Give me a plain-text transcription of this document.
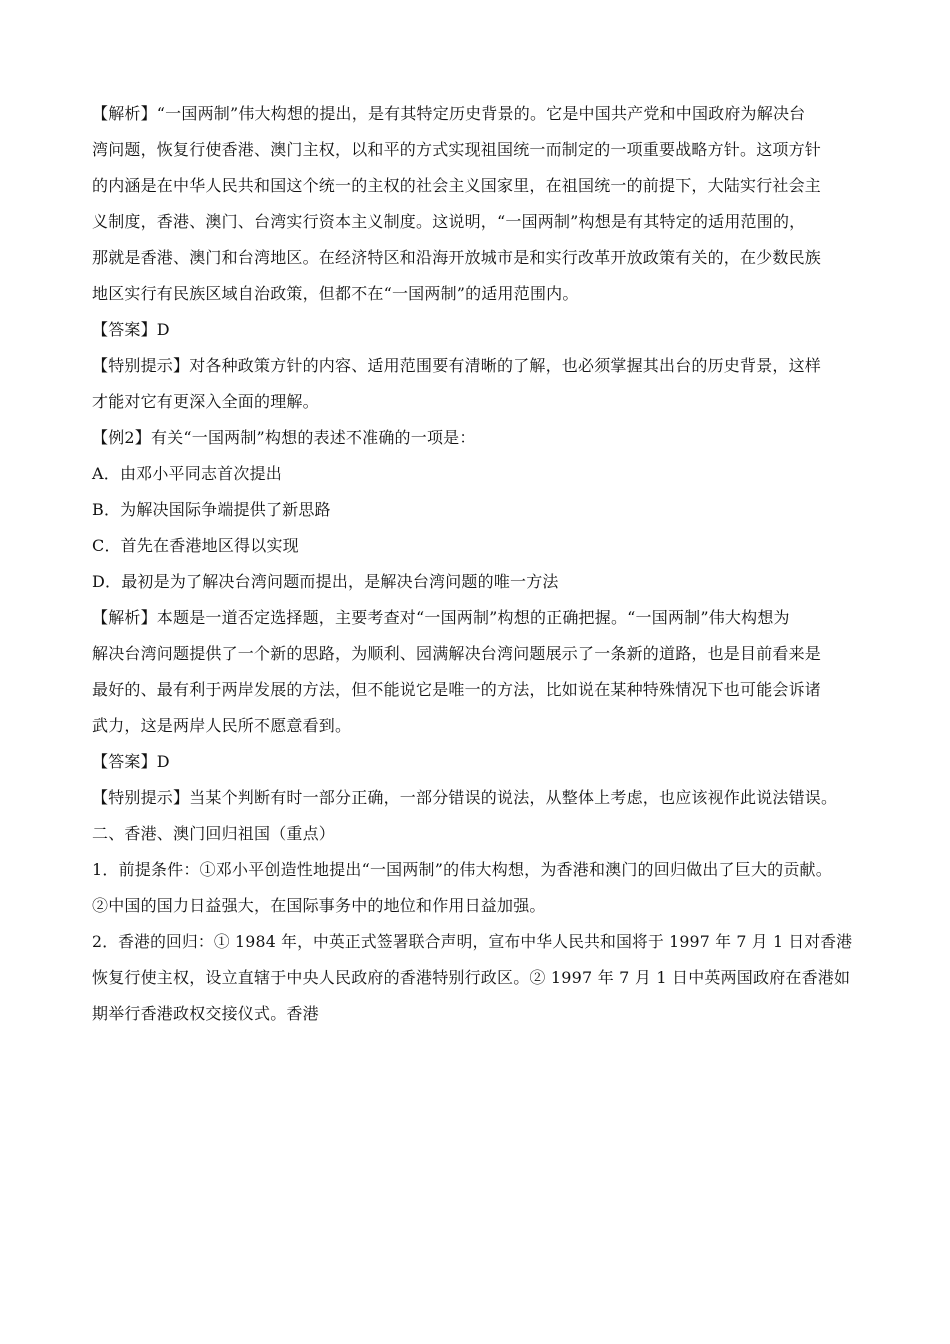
【解析】“一国两制”伟大构想的提出，是有其特定历史背景的。它是中国共产党和中国政府为解决台
湾问题，恢复行使香港、澳门主权，以和平的方式实现祖国统一而制定的一项重要战略方针。这项方针
的内涵是在中华人民共和国这个统一的主权的社会主义国家里，在祖国统一的前提下，大陆实行社会主
义制度，香港、澳门、台湾实行资本主义制度。这说明，“一国两制”构想是有其特定的适用范围的，
那就是香港、澳门和台湾地区。在经济特区和沿海开放城市是和实行改革开放政策有关的，在少数民族
地区实行有民族区域自治政策，但都不在“一国两制”的适用范围内。
【答案】D
【特别提示】对各种政策方针的内容、适用范围要有清晰的了解，也必须掌握其出台的历史背景，这样
才能对它有更深入全面的理解。
【例2】有关“一国两制”构想的表述不准确的一项是：
A．由邓小平同志首次提出
B．为解决国际争端提供了新思路
C．首先在香港地区得以实现
D．最初是为了解决台湾问题而提出，是解决台湾问题的唯一方法
【解析】本题是一道否定选择题，主要考查对“一国两制”构想的正确把握。“一国两制”伟大构想为
解决台湾问题提供了一个新的思路，为顺利、园满解决台湾问题展示了一条新的道路，也是目前看来是
最好的、最有利于两岸发展的方法，但不能说它是唯一的方法，比如说在某种特殊情况下也可能会诉诸
武力，这是两岸人民所不愿意看到。
【答案】D
【特别提示】当某个判断有时一部分正确，一部分错误的说法，从整体上考虑，也应该视作此说法错误。
二、香港、澳门回归祖国（重点）
1．前提条件：①邓小平创造性地提出“一国两制”的伟大构想，为香港和澳门的回归做出了巨大的贡献。
②中国的国力日益强大，在国际事务中的地位和作用日益加强。
2．香港的回归：① 1984 年，中英正式签署联合声明，宣布中华人民共和国将于 1997 年 7 月 1 日对香港
恢复行使主权，设立直辖于中央人民政府的香港特别行政区。② 1997 年 7 月 1 日中英两国政府在香港如
期举行香港政权交接仪式。香港
